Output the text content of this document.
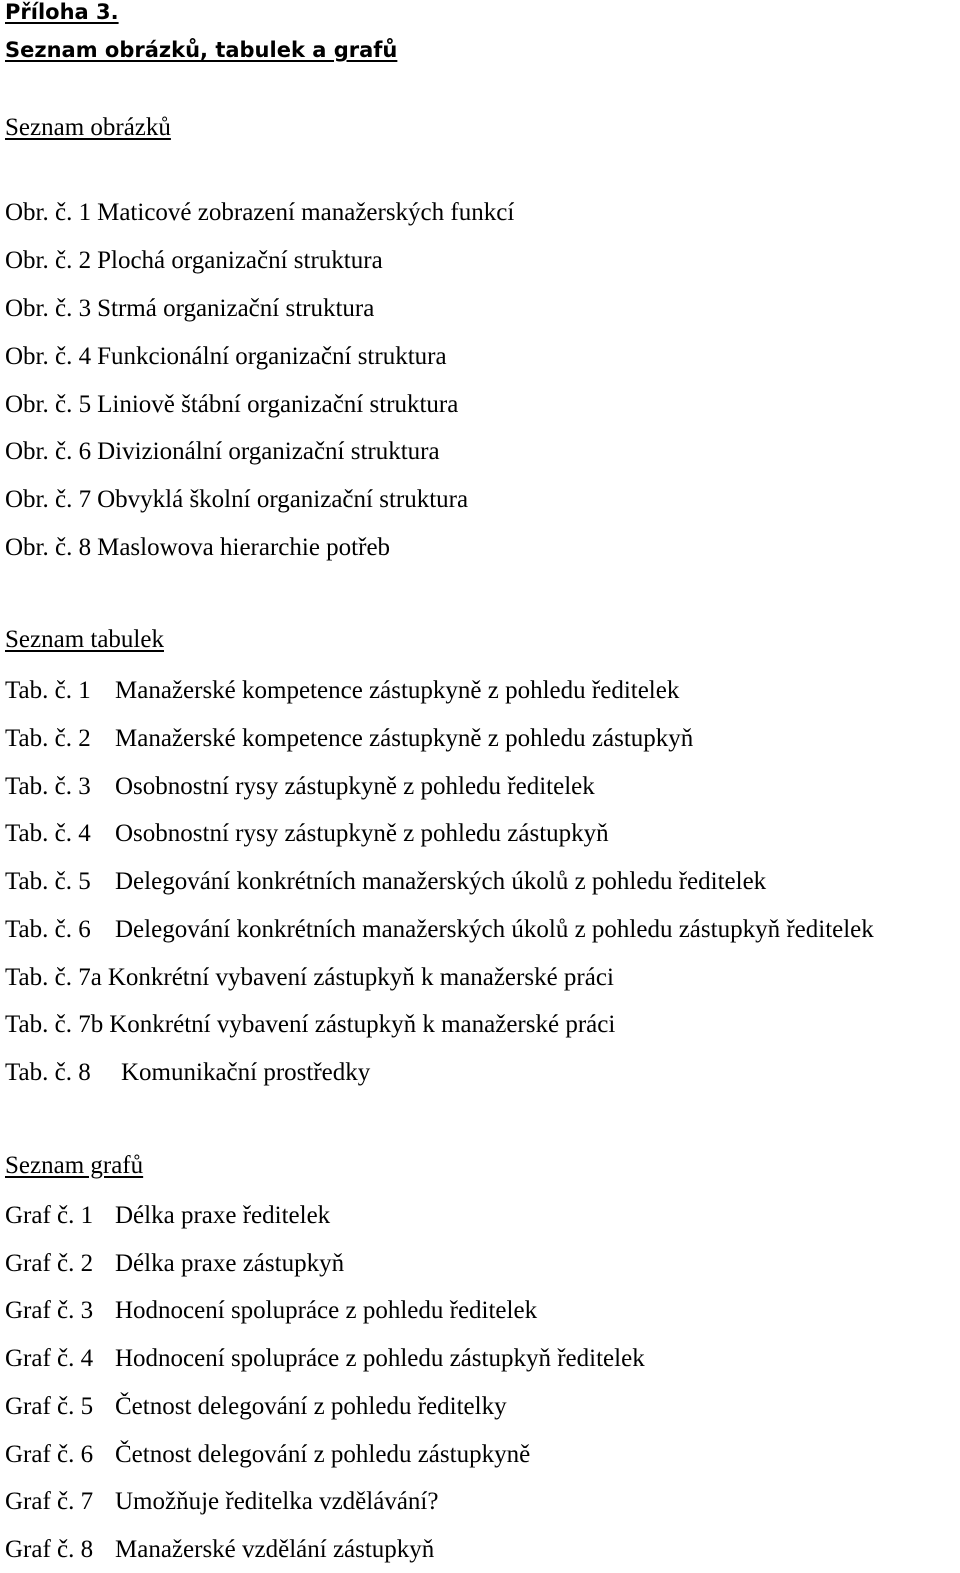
Příloha 3.
Seznam obrázků, tabulek a grafů
Seznam obrázků
Obr. č. 1 Maticové zobrazení manažerských funkcí
Obr. č. 2 Plochá organizační struktura
Obr. č. 3 Strmá organizační struktura
Obr. č. 4 Funkcionální organizační struktura
Obr. č. 5 Liniově štábní organizační struktura
Obr. č. 6 Divizionální organizační struktura
Obr. č. 7 Obvyklá školní organizační struktura
Obr. č. 8 Maslowova hierarchie potřeb
Seznam tabulek
Tab. č. 1 Manažerské kompetence zástupkyně z pohledu ředitelek
Tab. č. 2 Manažerské kompetence zástupkyně z pohledu zástupkyň
Tab. č. 3 Osobnostní rysy zástupkyně z pohledu ředitelek
Tab. č. 4 Osobnostní rysy zástupkyně z pohledu zástupkyň
Tab. č. 5 Delegování konkrétních manažerských úkolů z pohledu ředitelek
Tab. č. 6 Delegování konkrétních manažerských úkolů z pohledu zástupkyň ředitelek
Tab. č. 7a Konkrétní vybavení zástupkyň k manažerské práci
Tab. č. 7b Konkrétní vybavení zástupkyň k manažerské práci
Tab. č. 8 Komunikační prostředky
Seznam grafů
Graf č. 1 Délka praxe ředitelek
Graf č. 2 Délka praxe zástupkyň
Graf č. 3 Hodnocení spolupráce z pohledu ředitelek
Graf č. 4 Hodnocení spolupráce z pohledu zástupkyň ředitelek
Graf č. 5 Četnost delegování z pohledu ředitelky
Graf č. 6 Četnost delegování z pohledu zástupkyně
Graf č. 7 Umožňuje ředitelka vzdělávání?
Graf č. 8 Manažerské vzdělání zástupkyň
